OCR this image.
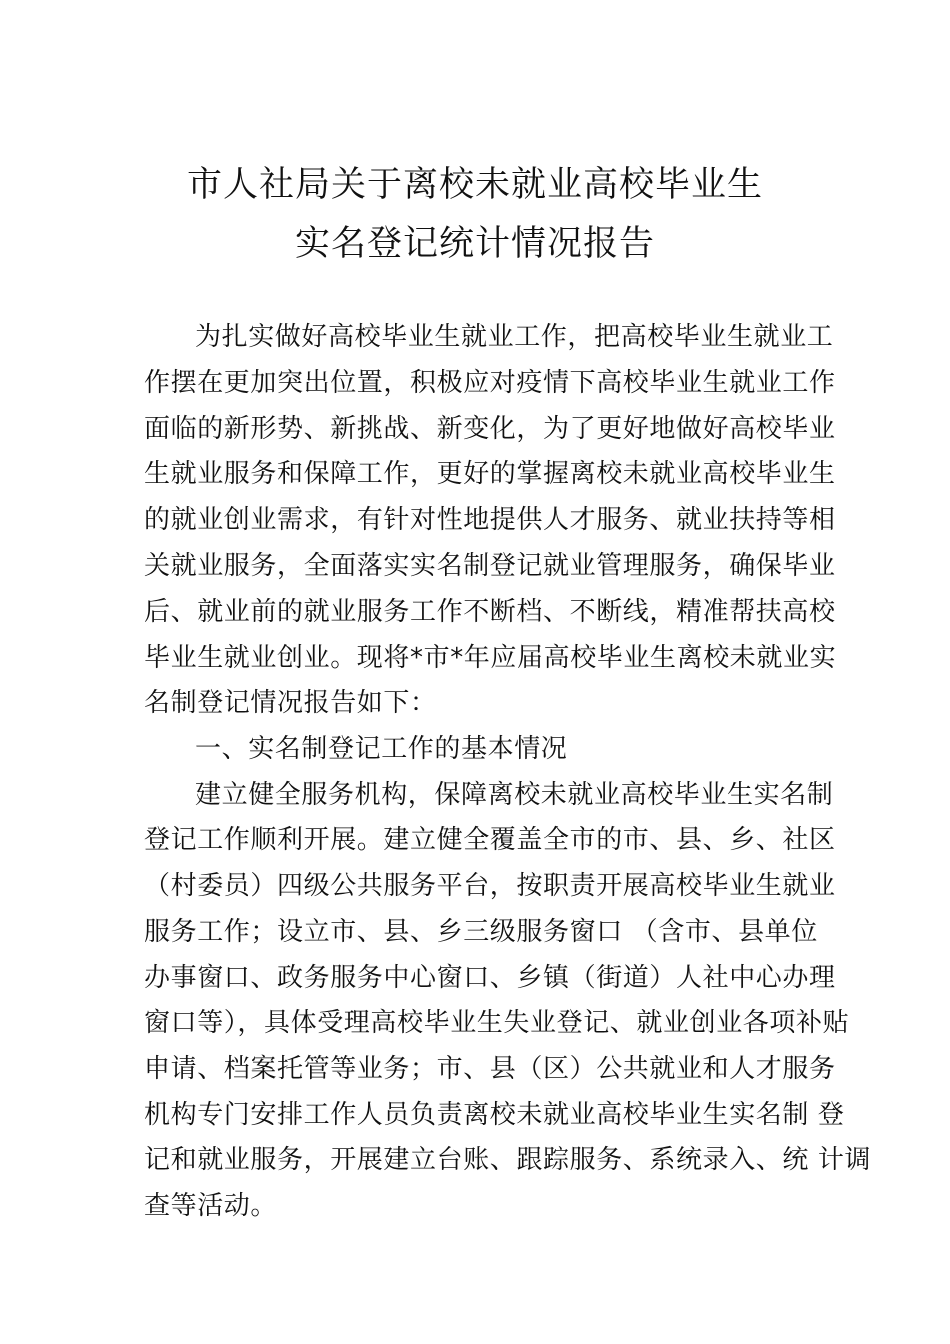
市人社局关于离校未就业高校毕业生
实名登记统计情况报告
为扎实做好高校毕业生就业工作，把高校毕业生就业工
作摆在更加突出位置，积极应对疫情下高校毕业生就业工作
面临的新形势、新挑战、新变化，为了更好地做好高校毕业
生就业服务和保障工作，更好的掌握离校未就业高校毕业生
的就业创业需求，有针对性地提供人才服务、就业扶持等相
关就业服务，全面落实实名制登记就业管理服务，确保毕业
后、就业前的就业服务工作不断档、不断线，精准帮扶高校
毕业生就业创业。现将*市*年应届高校毕业生离校未就业实
名制登记情况报告如下：
一、实名制登记工作的基本情况
建立健全服务机构，保障离校未就业高校毕业生实名制
登记工作顺利开展。建立健全覆盖全市的市、县、乡、社区
（村委员）四级公共服务平台，按职责开展高校毕业生就业
服务工作；设立市、县、乡三级服务窗口 （含市、县单位
办事窗口、政务服务中心窗口、乡镇（街道）人社中心办理
窗口等），具体受理高校毕业生失业登记、就业创业各项补贴
申请、档案托管等业务；市、县（区）公共就业和人才服务
机构专门安排工作人员负责离校未就业高校毕业生实名制 登
记和就业服务，开展建立台账、跟踪服务、系统录入、统 计调
查等活动。
